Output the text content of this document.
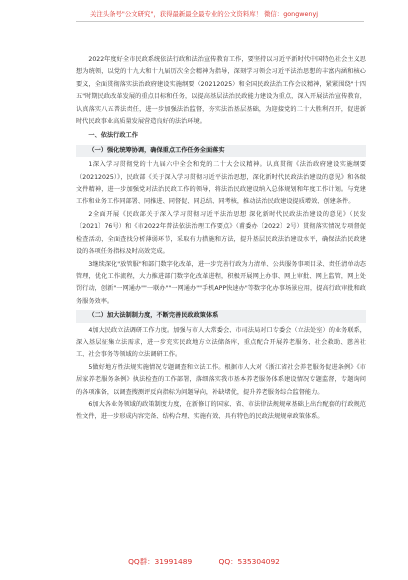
关注头条号"公文研究"，获得最新最全最专业的公文资料库！ 微信：gongwenyj

2022年度好全市民政系统依法行政和法治宣传教育工作，要坚持以习近平新时代中国特色社会主义思想为统领，以党的十九大和十九届历次全会精神为指导，深刻学习领会习近平法治思想的丰富内涵和核心要义，全面贯彻落实法治政府建设实施纲要（20212025）和全国民政法治工作会议精神，紧紧围绕"十四五"时期民政改革发展的重点目标和任务，以提高基层法治民政能力建设为重点，深入开展法治宣传教育，认真落实八五普法责任，进一步加强法治监督，夯实法治基层基础，为迎接党的二十大胜利召开，促进新时代民政事业高质量发展营造良好的法治环境。

一、依法行政工作

（一）强化统筹协调，确保重点工作任务全面落实

1深入学习贯彻党的十九届六中全会和党的二十大会议精神。认真贯彻《法治政府建设实施纲要（20212025）》，民政部《关于深入学习贯彻习近平法治思想，深化新时代民政法治建设的意见》和各级文件精神，进一步加强党对法治民政工作的领导，将法治民政建设纳入总体规划和年度工作计划。与党建工作和业务工作同部署、同推进、同督促、同总结、同考核，推动法治民政建设提质增效、创建条件。

2全面开展《民政部关于深入学习贯彻习近平法治思想 深化新时代民政法治建设的意见》（民发〔2021〕76号）和《市2022年普法依法治理工作要点》（甫委办〔2022〕2号）贯彻落实情况专项督促检查活动，全面查找分析薄弱环节，采取有力措施和方法，提升基层民政法治建设水平，确保法治民政建设的各项任务指标及时高效完成。

3继续深化"放管服"和部门数字化改革，进一步完善行政为力清单、公共服务事项目录、责任清单动态管理，优化工作流程，大力推进部门数字化改革进程，积极开展网上办事、网上审批、网上监管，网上处罚行动，创新"一网通办""一联办""一网通办""手机APP快速办"等数字化办事场景应用，提高行政审批和政务服务效率。

（二）加大法制制力度，不断完善民政政策体系

4加大民政立法调研工作力度。加强与市人大常委会、市司法局对口专委会（立法处室）的业务联系，深入基层征集立法需求，进一步充实民政地方立法储备库，重点配合开展养老服务、社会救助、慈善社工、社会事务等领域的立法调研工作。

5做好地方性法规实施情况专题调查和立法工作。根据市人大对《浙江省社会养老服务促进条例》《市居家养老服务条例》执法检查的工作部署，落细落实我市基本养老服务体系建设情况专题监督，专题询问的各项准备，以调查搜测评反向指标为问题导向，补缺堵优，提升养老服务综合监督能力。

6加大各业务领域的政策制度力度，在新修订的国家、省、市法律法规规章基础上出台配套的行政规范性文件，进一步形成内容完备、结构合理、实施有效、具有特色的民政法规规章政策体系。

QQ群：31991489	QQ：535304092
